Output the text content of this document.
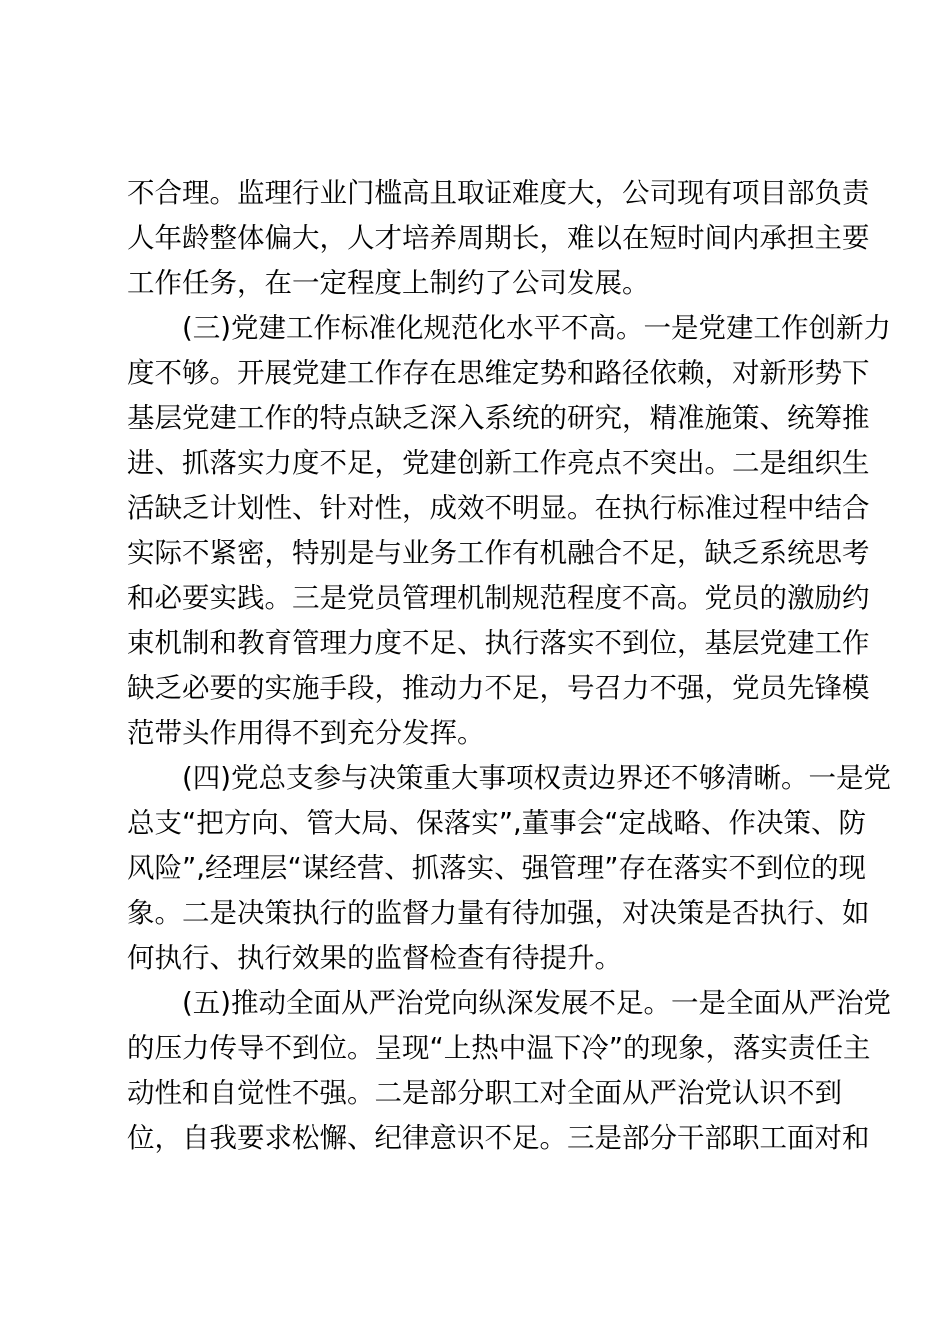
不合理。监理行业门槛高且取证难度大，公司现有项目部负责
人年龄整体偏大，人才培养周期长，难以在短时间内承担主要
工作任务，在一定程度上制约了公司发展。
(三)党建工作标准化规范化水平不高。一是党建工作创新力
度不够。开展党建工作存在思维定势和路径依赖，对新形势下
基层党建工作的特点缺乏深入系统的研究，精准施策、统筹推
进、抓落实力度不足，党建创新工作亮点不突出。二是组织生
活缺乏计划性、针对性，成效不明显。在执行标准过程中结合
实际不紧密，特别是与业务工作有机融合不足，缺乏系统思考
和必要实践。三是党员管理机制规范程度不高。党员的激励约
束机制和教育管理力度不足、执行落实不到位，基层党建工作
缺乏必要的实施手段，推动力不足，号召力不强，党员先锋模
范带头作用得不到充分发挥。
(四)党总支参与决策重大事项权责边界还不够清晰。一是党
总支“把方向、管大局、保落实”,董事会“定战略、作决策、防
风险”,经理层“谋经营、抓落实、强管理”存在落实不到位的现
象。二是决策执行的监督力量有待加强，对决策是否执行、如
何执行、执行效果的监督检查有待提升。
(五)推动全面从严治党向纵深发展不足。一是全面从严治党
的压力传导不到位。呈现“上热中温下冷”的现象，落实责任主
动性和自觉性不强。二是部分职工对全面从严治党认识不到
位，自我要求松懈、纪律意识不足。三是部分干部职工面对和
